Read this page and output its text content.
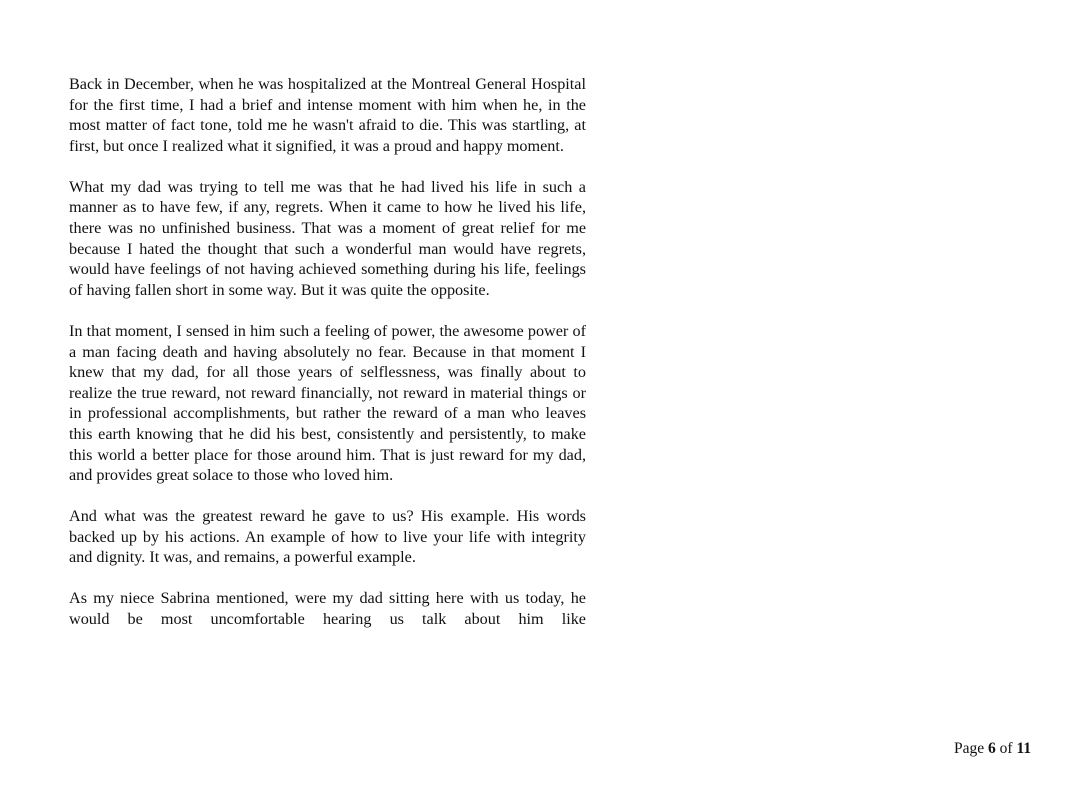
Back in December, when he was hospitalized at the Montreal General Hospital for the first time, I had a brief and intense moment with him when he, in the most matter of fact tone, told me he wasn't afraid to die. This was startling, at first, but once I realized what it signified, it was a proud and happy moment.

What my dad was trying to tell me was that he had lived his life in such a manner as to have few, if any, regrets. When it came to how he lived his life, there was no unfinished business. That was a moment of great relief for me because I hated the thought that such a wonderful man would have regrets, would have feelings of not having achieved something during his life, feelings of having fallen short in some way. But it was quite the opposite.

In that moment, I sensed in him such a feeling of power, the awesome power of a man facing death and having absolutely no fear. Because in that moment I knew that my dad, for all those years of selflessness, was finally about to realize the true reward, not reward financially, not reward in material things or in professional accomplishments, but rather the reward of a man who leaves this earth knowing that he did his best, consistently and persistently, to make this world a better place for those around him. That is just reward for my dad, and provides great solace to those who loved him.

And what was the greatest reward he gave to us? His example. His words backed up by his actions. An example of how to live your life with integrity and dignity. It was, and remains, a powerful example.

As my niece Sabrina mentioned, were my dad sitting here with us today, he would be most uncomfortable hearing us talk about him like

Page 6 of 11
